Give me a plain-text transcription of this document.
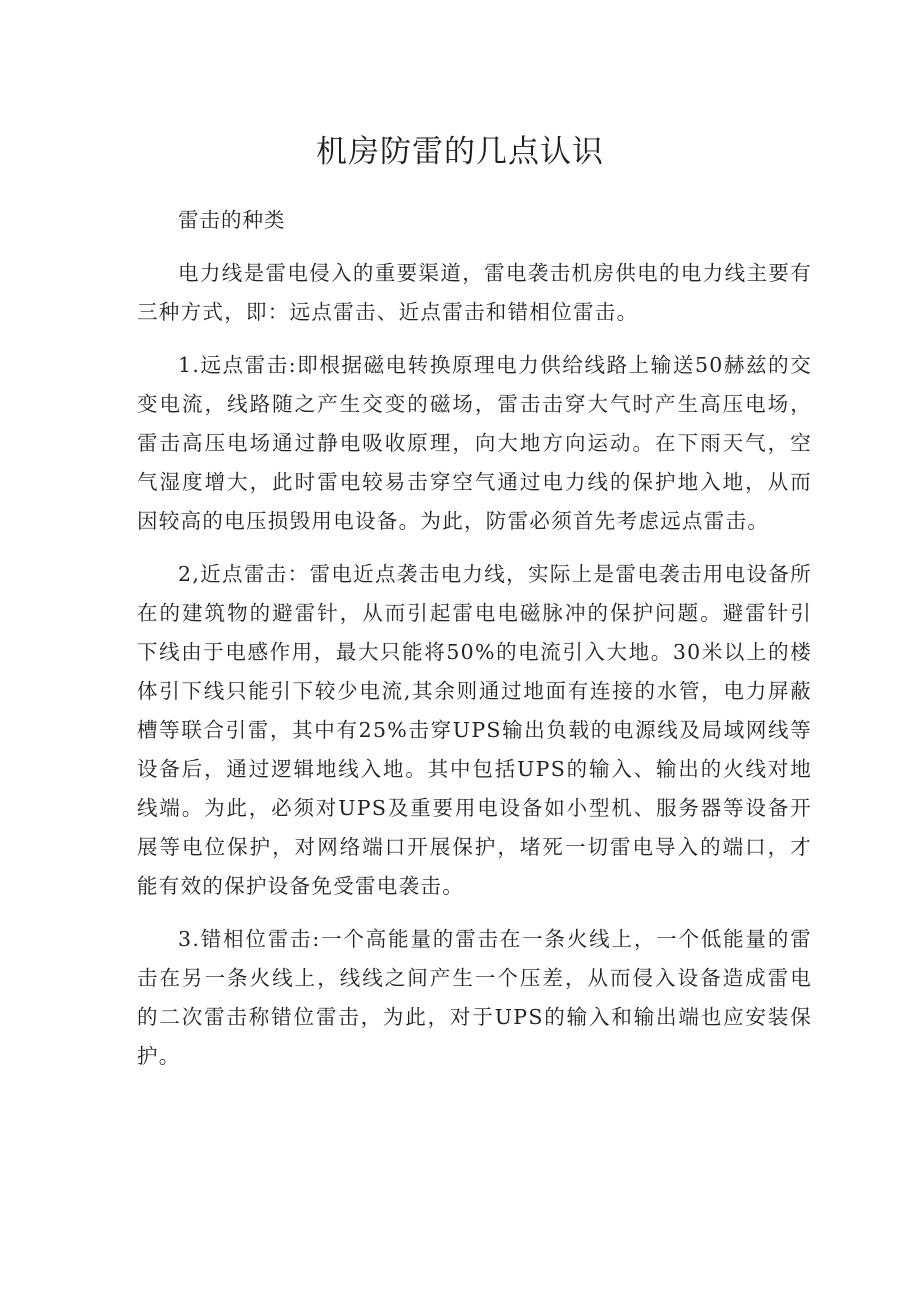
机房防雷的几点认识

雷击的种类

电力线是雷电侵入的重要渠道，雷电袭击机房供电的电力线主要有三种方式，即：远点雷击、近点雷击和错相位雷击。

1.远点雷击:即根据磁电转换原理电力供给线路上输送50赫兹的交变电流，线路随之产生交变的磁场，雷击击穿大气时产生高压电场，雷击高压电场通过静电吸收原理，向大地方向运动。在下雨天气，空气湿度增大，此时雷电较易击穿空气通过电力线的保护地入地，从而因较高的电压损毁用电设备。为此，防雷必须首先考虑远点雷击。

2,近点雷击：雷电近点袭击电力线，实际上是雷电袭击用电设备所在的建筑物的避雷针，从而引起雷电电磁脉冲的保护问题。避雷针引下线由于电感作用，最大只能将50%的电流引入大地。30米以上的楼体引下线只能引下较少电流,其余则通过地面有连接的水管，电力屏蔽槽等联合引雷，其中有25%击穿UPS输出负载的电源线及局域网线等设备后，通过逻辑地线入地。其中包括UPS的输入、输出的火线对地线端。为此，必须对UPS及重要用电设备如小型机、服务器等设备开展等电位保护，对网络端口开展保护，堵死一切雷电导入的端口，才能有效的保护设备免受雷电袭击。

3.错相位雷击:一个高能量的雷击在一条火线上，一个低能量的雷击在另一条火线上，线线之间产生一个压差，从而侵入设备造成雷电的二次雷击称错位雷击，为此，对于UPS的输入和输出端也应安装保护。
